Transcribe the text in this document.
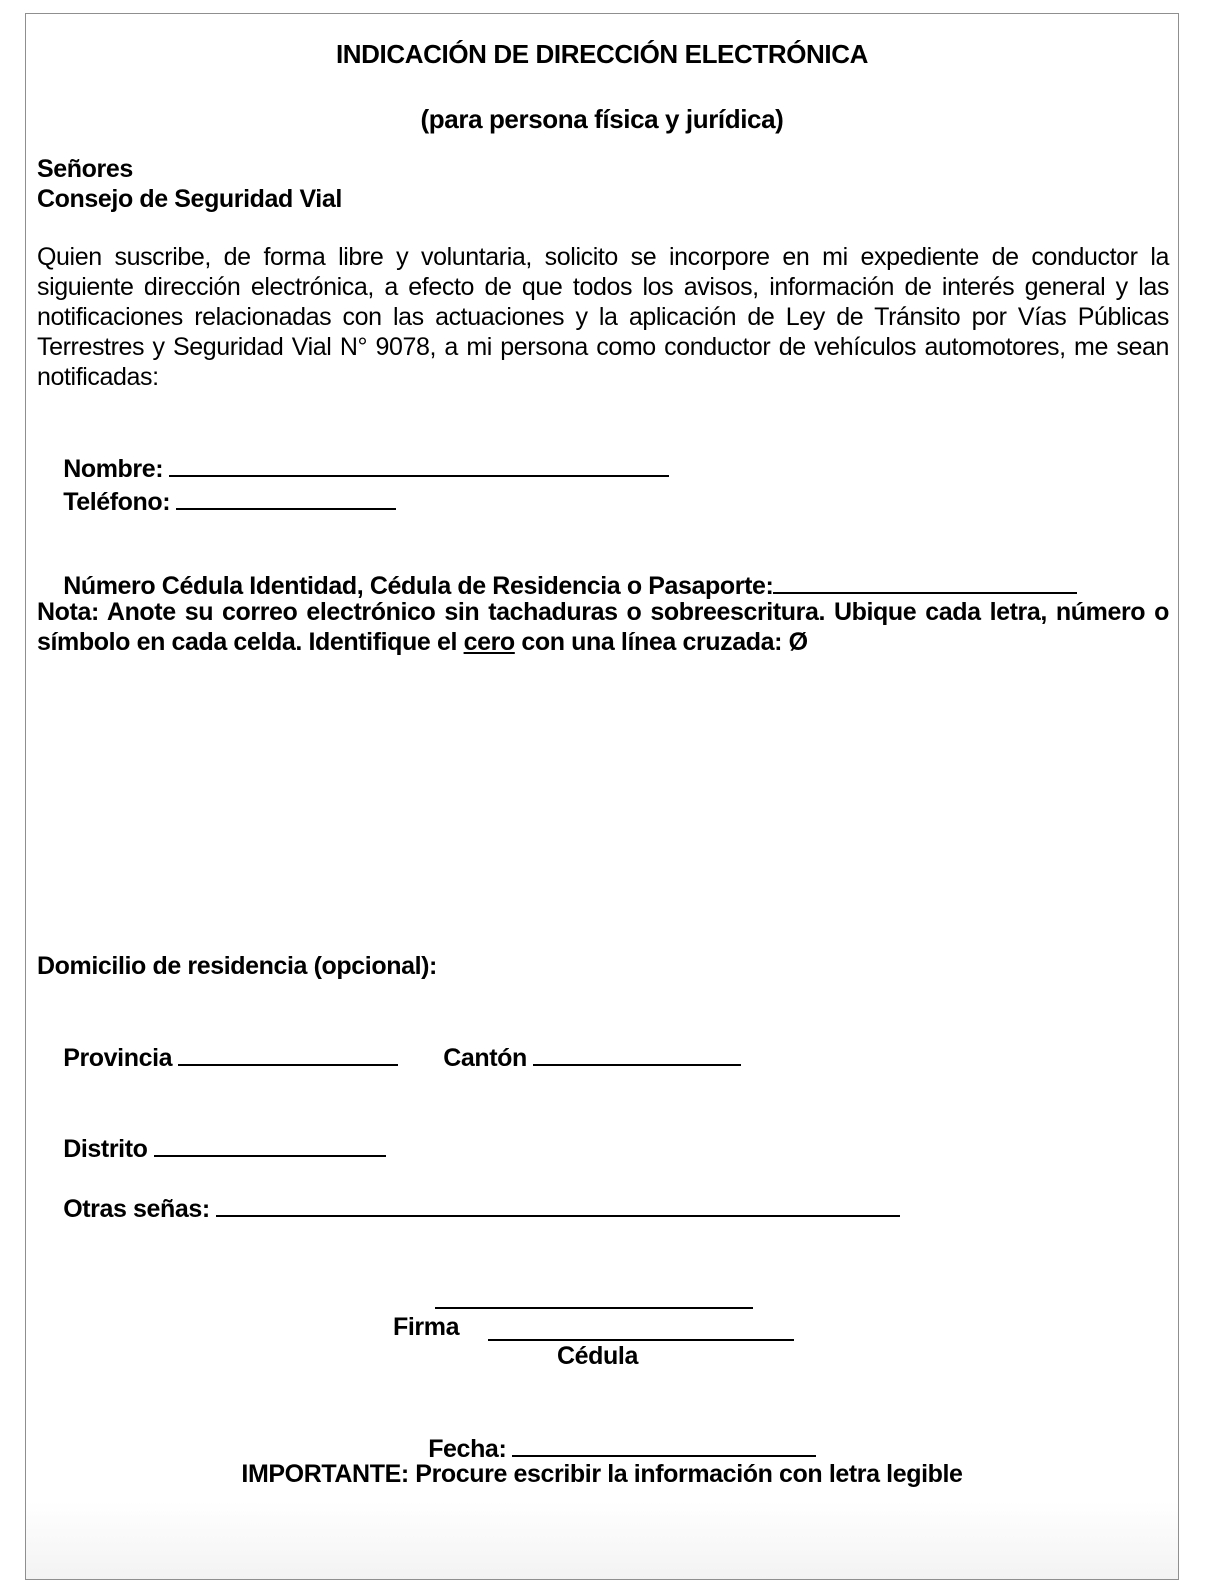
INDICACIÓN DE DIRECCIÓN ELECTRÓNICA
(para persona física y jurídica)
Señores
Consejo de Seguridad Vial
Quien suscribe, de forma libre y voluntaria, solicito se incorpore en mi expediente de conductor la siguiente dirección electrónica, a efecto de que todos los avisos, información de interés general y las notificaciones relacionadas con las actuaciones y la aplicación de Ley de Tránsito por Vías Públicas Terrestres y Seguridad Vial N° 9078, a mi persona como conductor de vehículos automotores, me sean notificadas:

Nombre:
Teléfono:

Número Cédula Identidad, Cédula de Residencia o Pasaporte:

Nota: Anote su correo electrónico sin tachaduras o sobreescritura. Ubique cada letra, número o símbolo en cada celda. Identifique el cero con una línea cruzada: Ø
Domicilio de residencia (opcional):

Provincia
	Cantón

Distrito

Otras señas:

Firma
Cédula

Fecha:

IMPORTANTE: Procure escribir la información con letra legible
